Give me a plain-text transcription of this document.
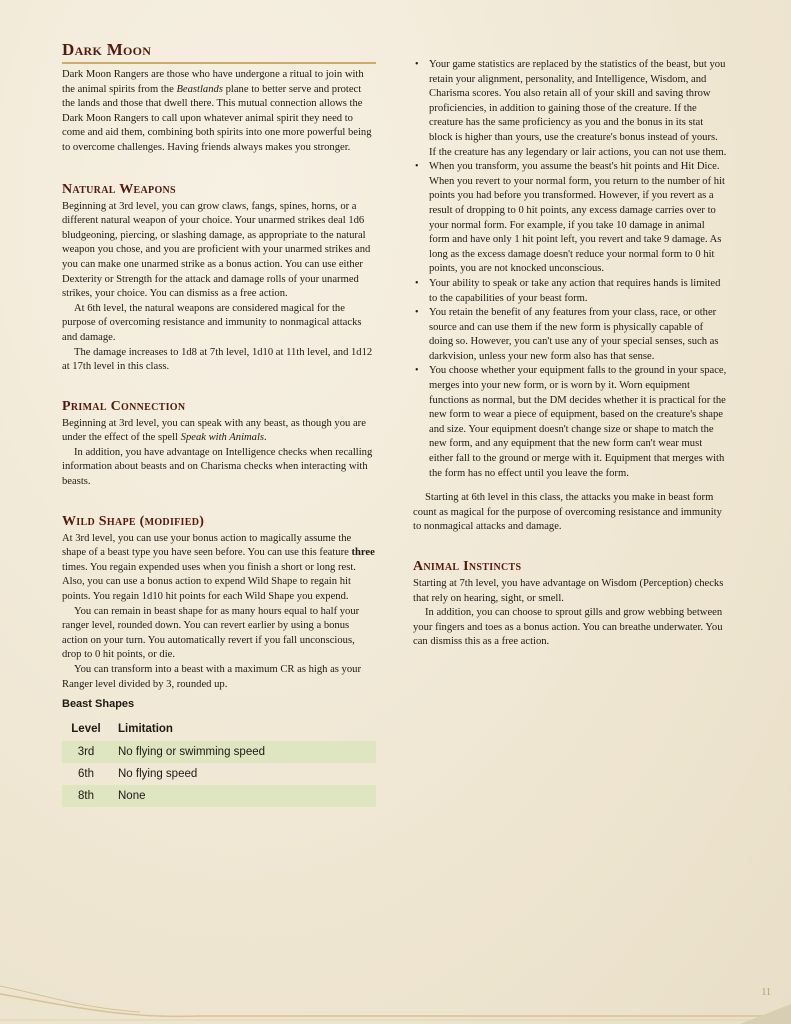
Dark Moon

Dark Moon Rangers are those who have undergone a ritual to join with the animal spirits from the Beastlands plane to better serve and protect the lands and those that dwell there. This mutual connection allows the Dark Moon Rangers to call upon whatever animal spirit they need to come and aid them, combining both spirits into one more powerful being to overcome challenges. Having friends always makes you stronger.

Natural Weapons

Beginning at 3rd level, you can grow claws, fangs, spines, horns, or a different natural weapon of your choice. Your unarmed strikes deal 1d6 bludgeoning, piercing, or slashing damage, as appropriate to the natural weapon you chose, and you are proficient with your unarmed strikes and you can make one unarmed strike as a bonus action. You can use either Dexterity or Strength for the attack and damage rolls of your unarmed strikes, your choice. You can dismiss as a free action.

At 6th level, the natural weapons are considered magical for the purpose of overcoming resistance and immunity to nonmagical attacks and damage.

The damage increases to 1d8 at 7th level, 1d10 at 11th level, and 1d12 at 17th level in this class.

Primal Connection

Beginning at 3rd level, you can speak with any beast, as though you are under the effect of the spell Speak with Animals.

In addition, you have advantage on Intelligence checks when recalling information about beasts and on Charisma checks when interacting with beasts.

Wild Shape (modified)

At 3rd level, you can use your bonus action to magically assume the shape of a beast type you have seen before. You can use this feature three times. You regain expended uses when you finish a short or long rest. Also, you can use a bonus action to expend Wild Shape to regain hit points. You regain 1d10 hit points for each Wild Shape you expend.

You can remain in beast shape for as many hours equal to half your ranger level, rounded down. You can revert earlier by using a bonus action on your turn. You automatically revert if you fall unconscious, drop to 0 hit points, or die.

You can transform into a beast with a maximum CR as high as your Ranger level divided by 3, rounded up.

Beast Shapes
Level	Limitation
3rd	No flying or swimming speed
6th	No flying speed
8th	None
• Your game statistics are replaced by the statistics of the beast, but you retain your alignment, personality, and Intelligence, Wisdom, and Charisma scores. You also retain all of your skill and saving throw proficiencies, in addition to gaining those of the creature. If the creature has the same proficiency as you and the bonus in its stat block is higher than yours, use the creature's bonus instead of yours. If the creature has any legendary or lair actions, you can not use them.
• When you transform, you assume the beast's hit points and Hit Dice. When you revert to your normal form, you return to the number of hit points you had before you transformed. However, if you revert as a result of dropping to 0 hit points, any excess damage carries over to your normal form. For example, if you take 10 damage in animal form and have only 1 hit point left, you revert and take 9 damage. As long as the excess damage doesn't reduce your normal form to 0 hit points, you are not knocked unconscious.
• Your ability to speak or take any action that requires hands is limited to the capabilities of your beast form.
• You retain the benefit of any features from your class, race, or other source and can use them if the new form is physically capable of doing so. However, you can't use any of your special senses, such as darkvision, unless your new form also has that sense.
• You choose whether your equipment falls to the ground in your space, merges into your new form, or is worn by it. Worn equipment functions as normal, but the DM decides whether it is practical for the new form to wear a piece of equipment, based on the creature's shape and size. Your equipment doesn't change size or shape to match the new form, and any equipment that the new form can't wear must either fall to the ground or merge with it. Equipment that merges with the form has no effect until you leave the form.

Starting at 6th level in this class, the attacks you make in beast form count as magical for the purpose of overcoming resistance and immunity to nonmagical attacks and damage.

Animal Instincts

Starting at 7th level, you have advantage on Wisdom (Perception) checks that rely on hearing, sight, or smell.

In addition, you can choose to sprout gills and grow webbing between your fingers and toes as a bonus action. You can breathe underwater. You can dismiss this as a free action.

11
